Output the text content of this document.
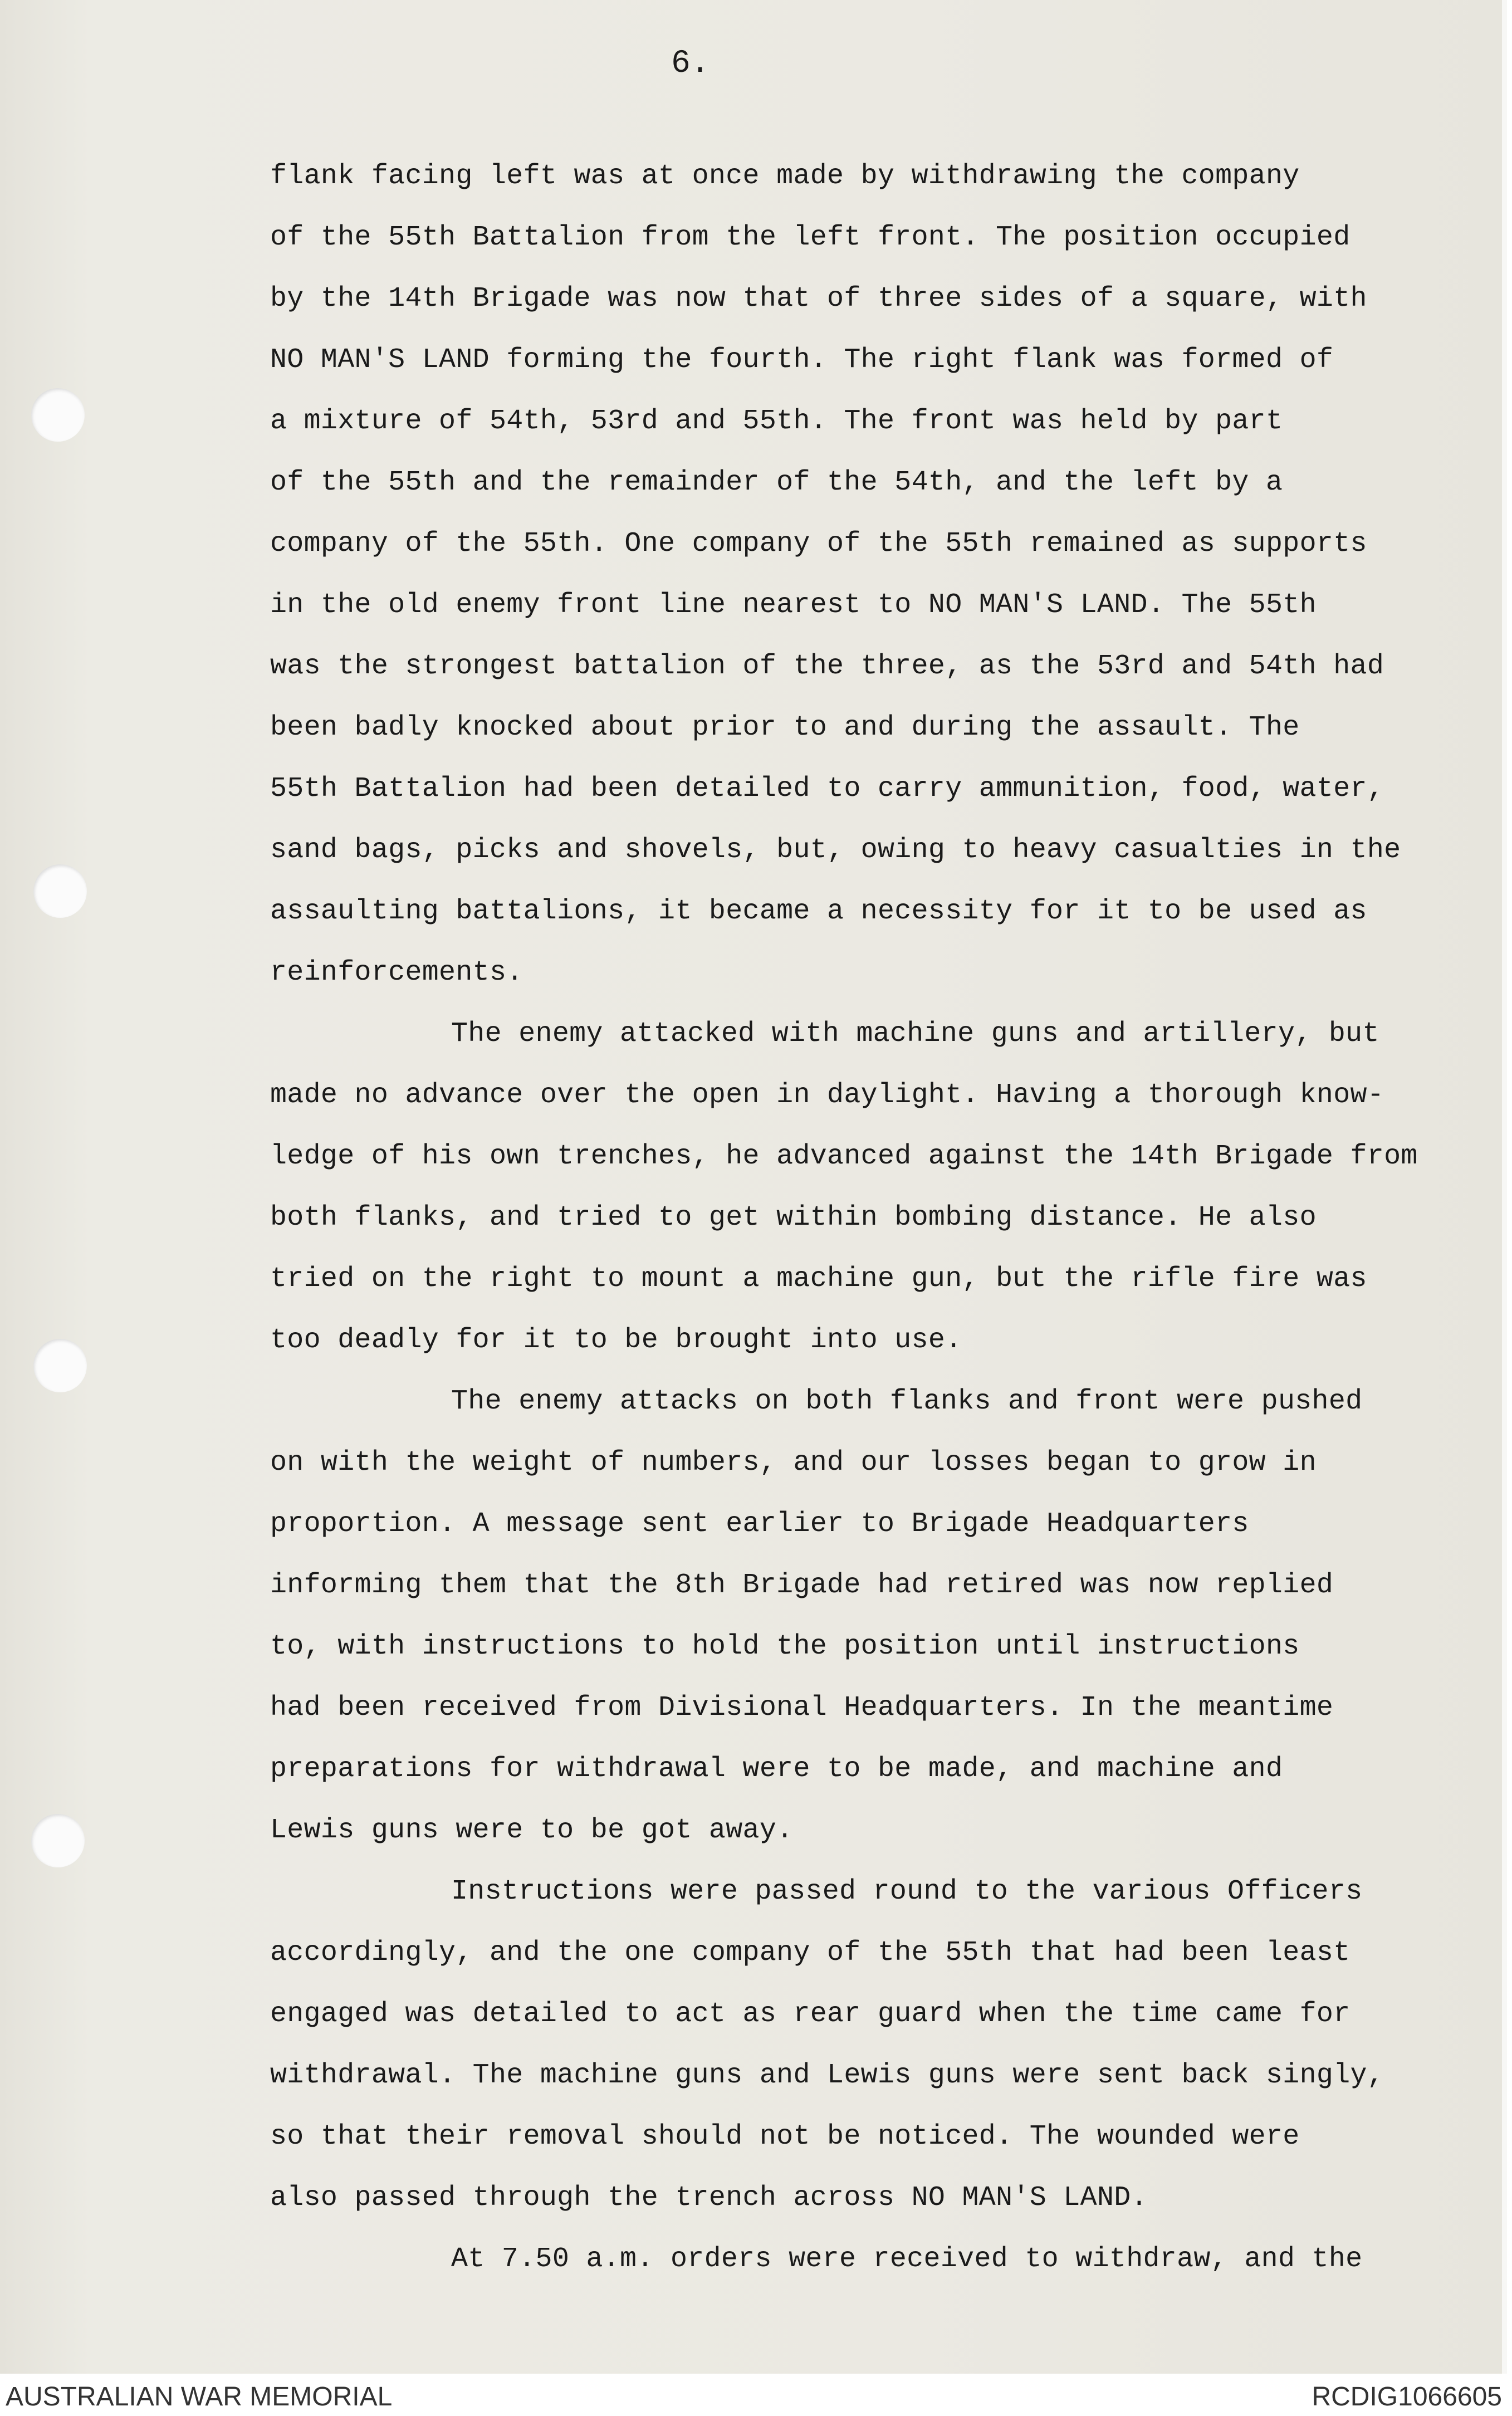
6.
flank facing left was at once made by withdrawing the company
of the 55th Battalion from the left front. The position occupied
by the 14th Brigade was now that of three sides of a square, with
NO MAN'S LAND forming the fourth. The right flank was formed of
a mixture of 54th, 53rd and 55th. The front was held by part
of the 55th and the remainder of the 54th, and the left by a
company of the 55th. One company of the 55th remained as supports
in the old enemy front line nearest to NO MAN'S LAND. The 55th
was the strongest battalion of the three, as the 53rd and 54th had
been badly knocked about prior to and during the assault. The
55th Battalion had been detailed to carry ammunition, food, water,
sand bags, picks and shovels, but, owing to heavy casualties in the
assaulting battalions, it became a necessity for it to be used as
reinforcements.
The enemy attacked with machine guns and artillery, but
made no advance over the open in daylight. Having a thorough know-
ledge of his own trenches, he advanced against the 14th Brigade from
both flanks, and tried to get within bombing distance. He also
tried on the right to mount a machine gun, but the rifle fire was
too deadly for it to be brought into use.
The enemy attacks on both flanks and front were pushed
on with the weight of numbers, and our losses began to grow in
proportion. A message sent earlier to Brigade Headquarters
informing them that the 8th Brigade had retired was now replied
to, with instructions to hold the position until instructions
had been received from Divisional Headquarters. In the meantime
preparations for withdrawal were to be made, and machine and
Lewis guns were to be got away.
Instructions were passed round to the various Officers
accordingly, and the one company of the 55th that had been least
engaged was detailed to act as rear guard when the time came for
withdrawal. The machine guns and Lewis guns were sent back singly,
so that their removal should not be noticed. The wounded were
also passed through the trench across NO MAN'S LAND.
At 7.50 a.m. orders were received to withdraw, and the
AUSTRALIAN WAR MEMORIAL	RCDIG1066605
